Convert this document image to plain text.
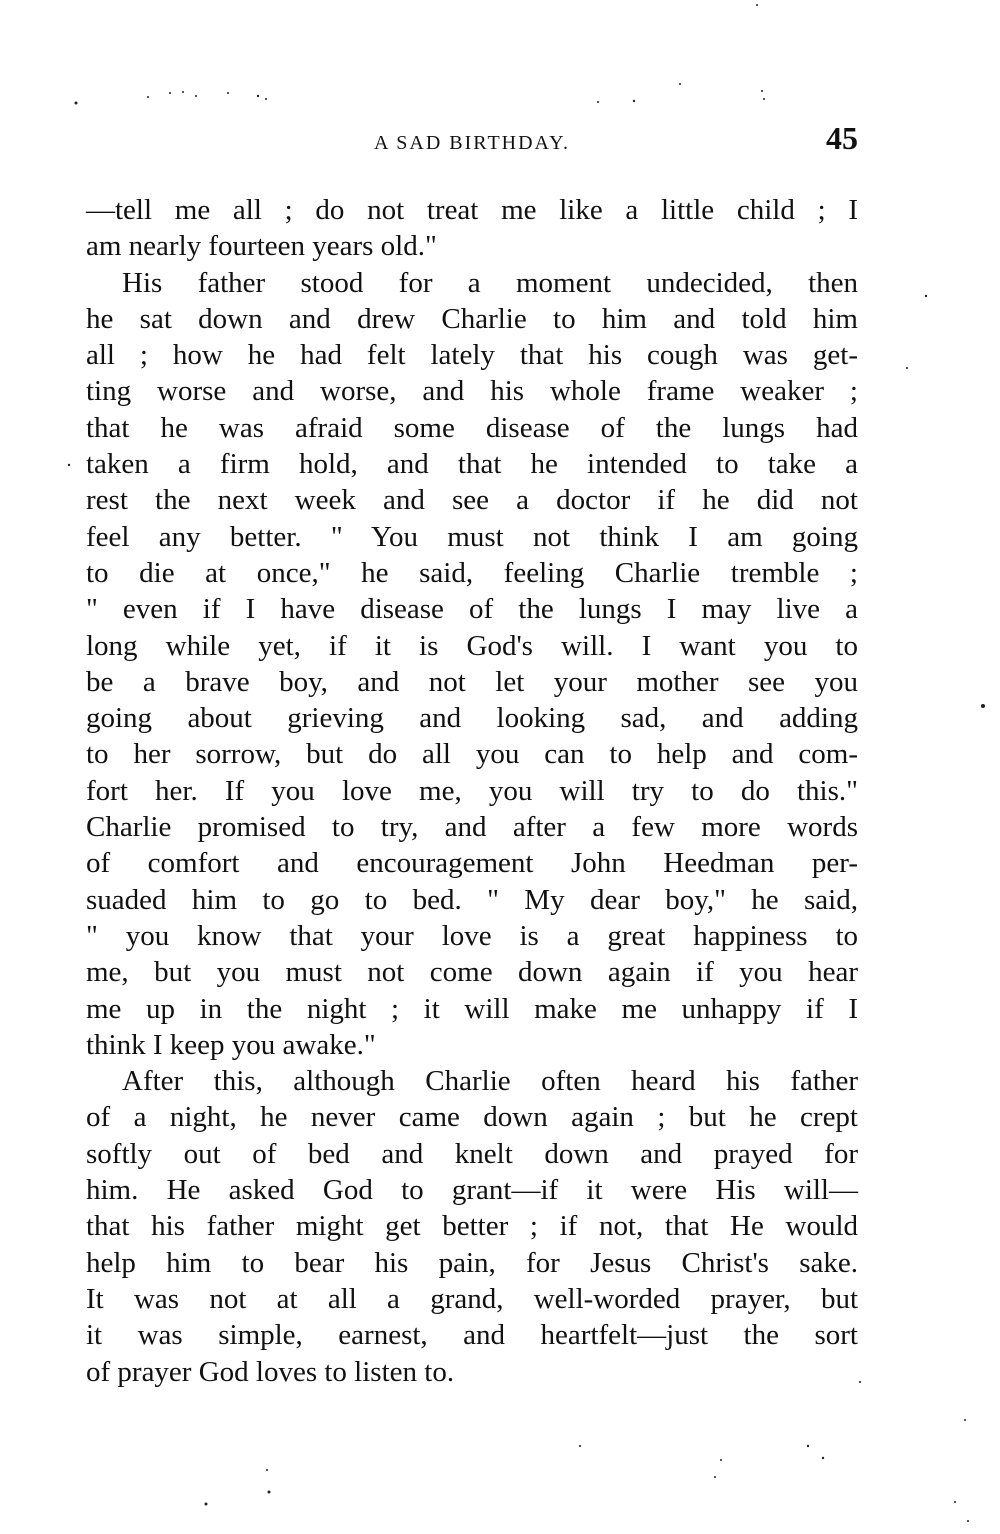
A SAD BIRTHDAY.	45
—tell me all ; do not treat me like a little child ; I
am nearly fourteen years old."
His father stood for a moment undecided, then
he sat down and drew Charlie to him and told him
all ; how he had felt lately that his cough was get-
ting worse and worse, and his whole frame weaker ;
that he was afraid some disease of the lungs had
taken a firm hold, and that he intended to take a
rest the next week and see a doctor if he did not
feel any better. " You must not think I am going
to die at once," he said, feeling Charlie tremble ;
" even if I have disease of the lungs I may live a
long while yet, if it is God's will. I want you to
be a brave boy, and not let your mother see you
going about grieving and looking sad, and adding
to her sorrow, but do all you can to help and com-
fort her. If you love me, you will try to do this."
Charlie promised to try, and after a few more words
of comfort and encouragement John Heedman per-
suaded him to go to bed. " My dear boy," he said,
" you know that your love is a great happiness to
me, but you must not come down again if you hear
me up in the night ; it will make me unhappy if I
think I keep you awake."
After this, although Charlie often heard his father
of a night, he never came down again ; but he crept
softly out of bed and knelt down and prayed for
him. He asked God to grant—if it were His will—
that his father might get better ; if not, that He would
help him to bear his pain, for Jesus Christ's sake.
It was not at all a grand, well-worded prayer, but
it was simple, earnest, and heartfelt—just the sort
of prayer God loves to listen to.
